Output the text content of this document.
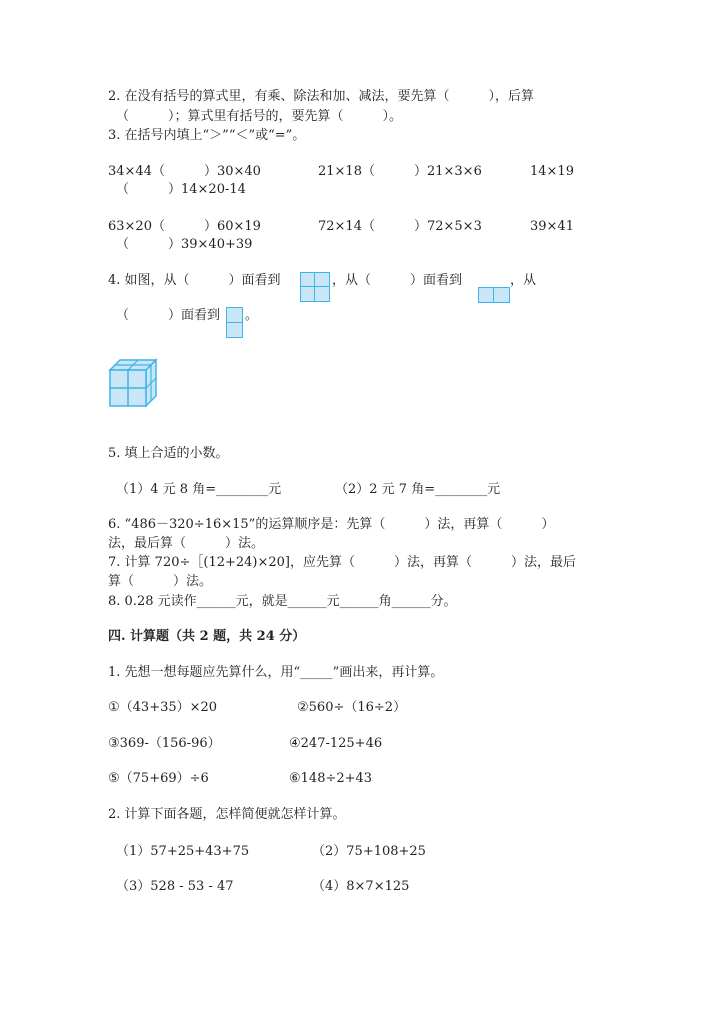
2. 在没有括号的算式里，有乘、除法和加、减法，要先算（　　　），后算
（　　　）；算式里有括号的，要先算（　　　）。
3. 在括号内填上“＞”“＜”或“=”。
34×44（　　　）30×40	21×18（　　　）21×3×6	14×19
（　　　）14×20-14
63×20（　　　）60×19	72×14（　　　）72×5×3	39×41
（　　　）39×40+39
4. 如图，从（　　　）面看到	，从（　　　）面看到	，从
（　　　）面看到 。
5. 填上合适的小数。
（1）4 元 8 角=________元	（2）2 元 7 角=________元
6. “486－320÷16×15”的运算顺序是：先算（　　　）法，再算（　　　）
法，最后算（　　　）法。
7. 计算 720÷［(12+24)×20]，应先算（　　　）法，再算（　　　）法，最后
算（　　　）法。
8. 0.28 元读作______元，就是______元______角______分。
四. 计算题（共 2 题，共 24 分）
1. 先想一想每题应先算什么，用“_____”画出来，再计算。
①（43+35）×20	②560÷（16÷2）
③369-（156-96）	④247-125+46
⑤（75+69）÷6	⑥148÷2+43
2. 计算下面各题，怎样简便就怎样计算。
（1）57+25+43+75	（2）75+108+25
（3）528 - 53 - 47	（4）8×7×125
